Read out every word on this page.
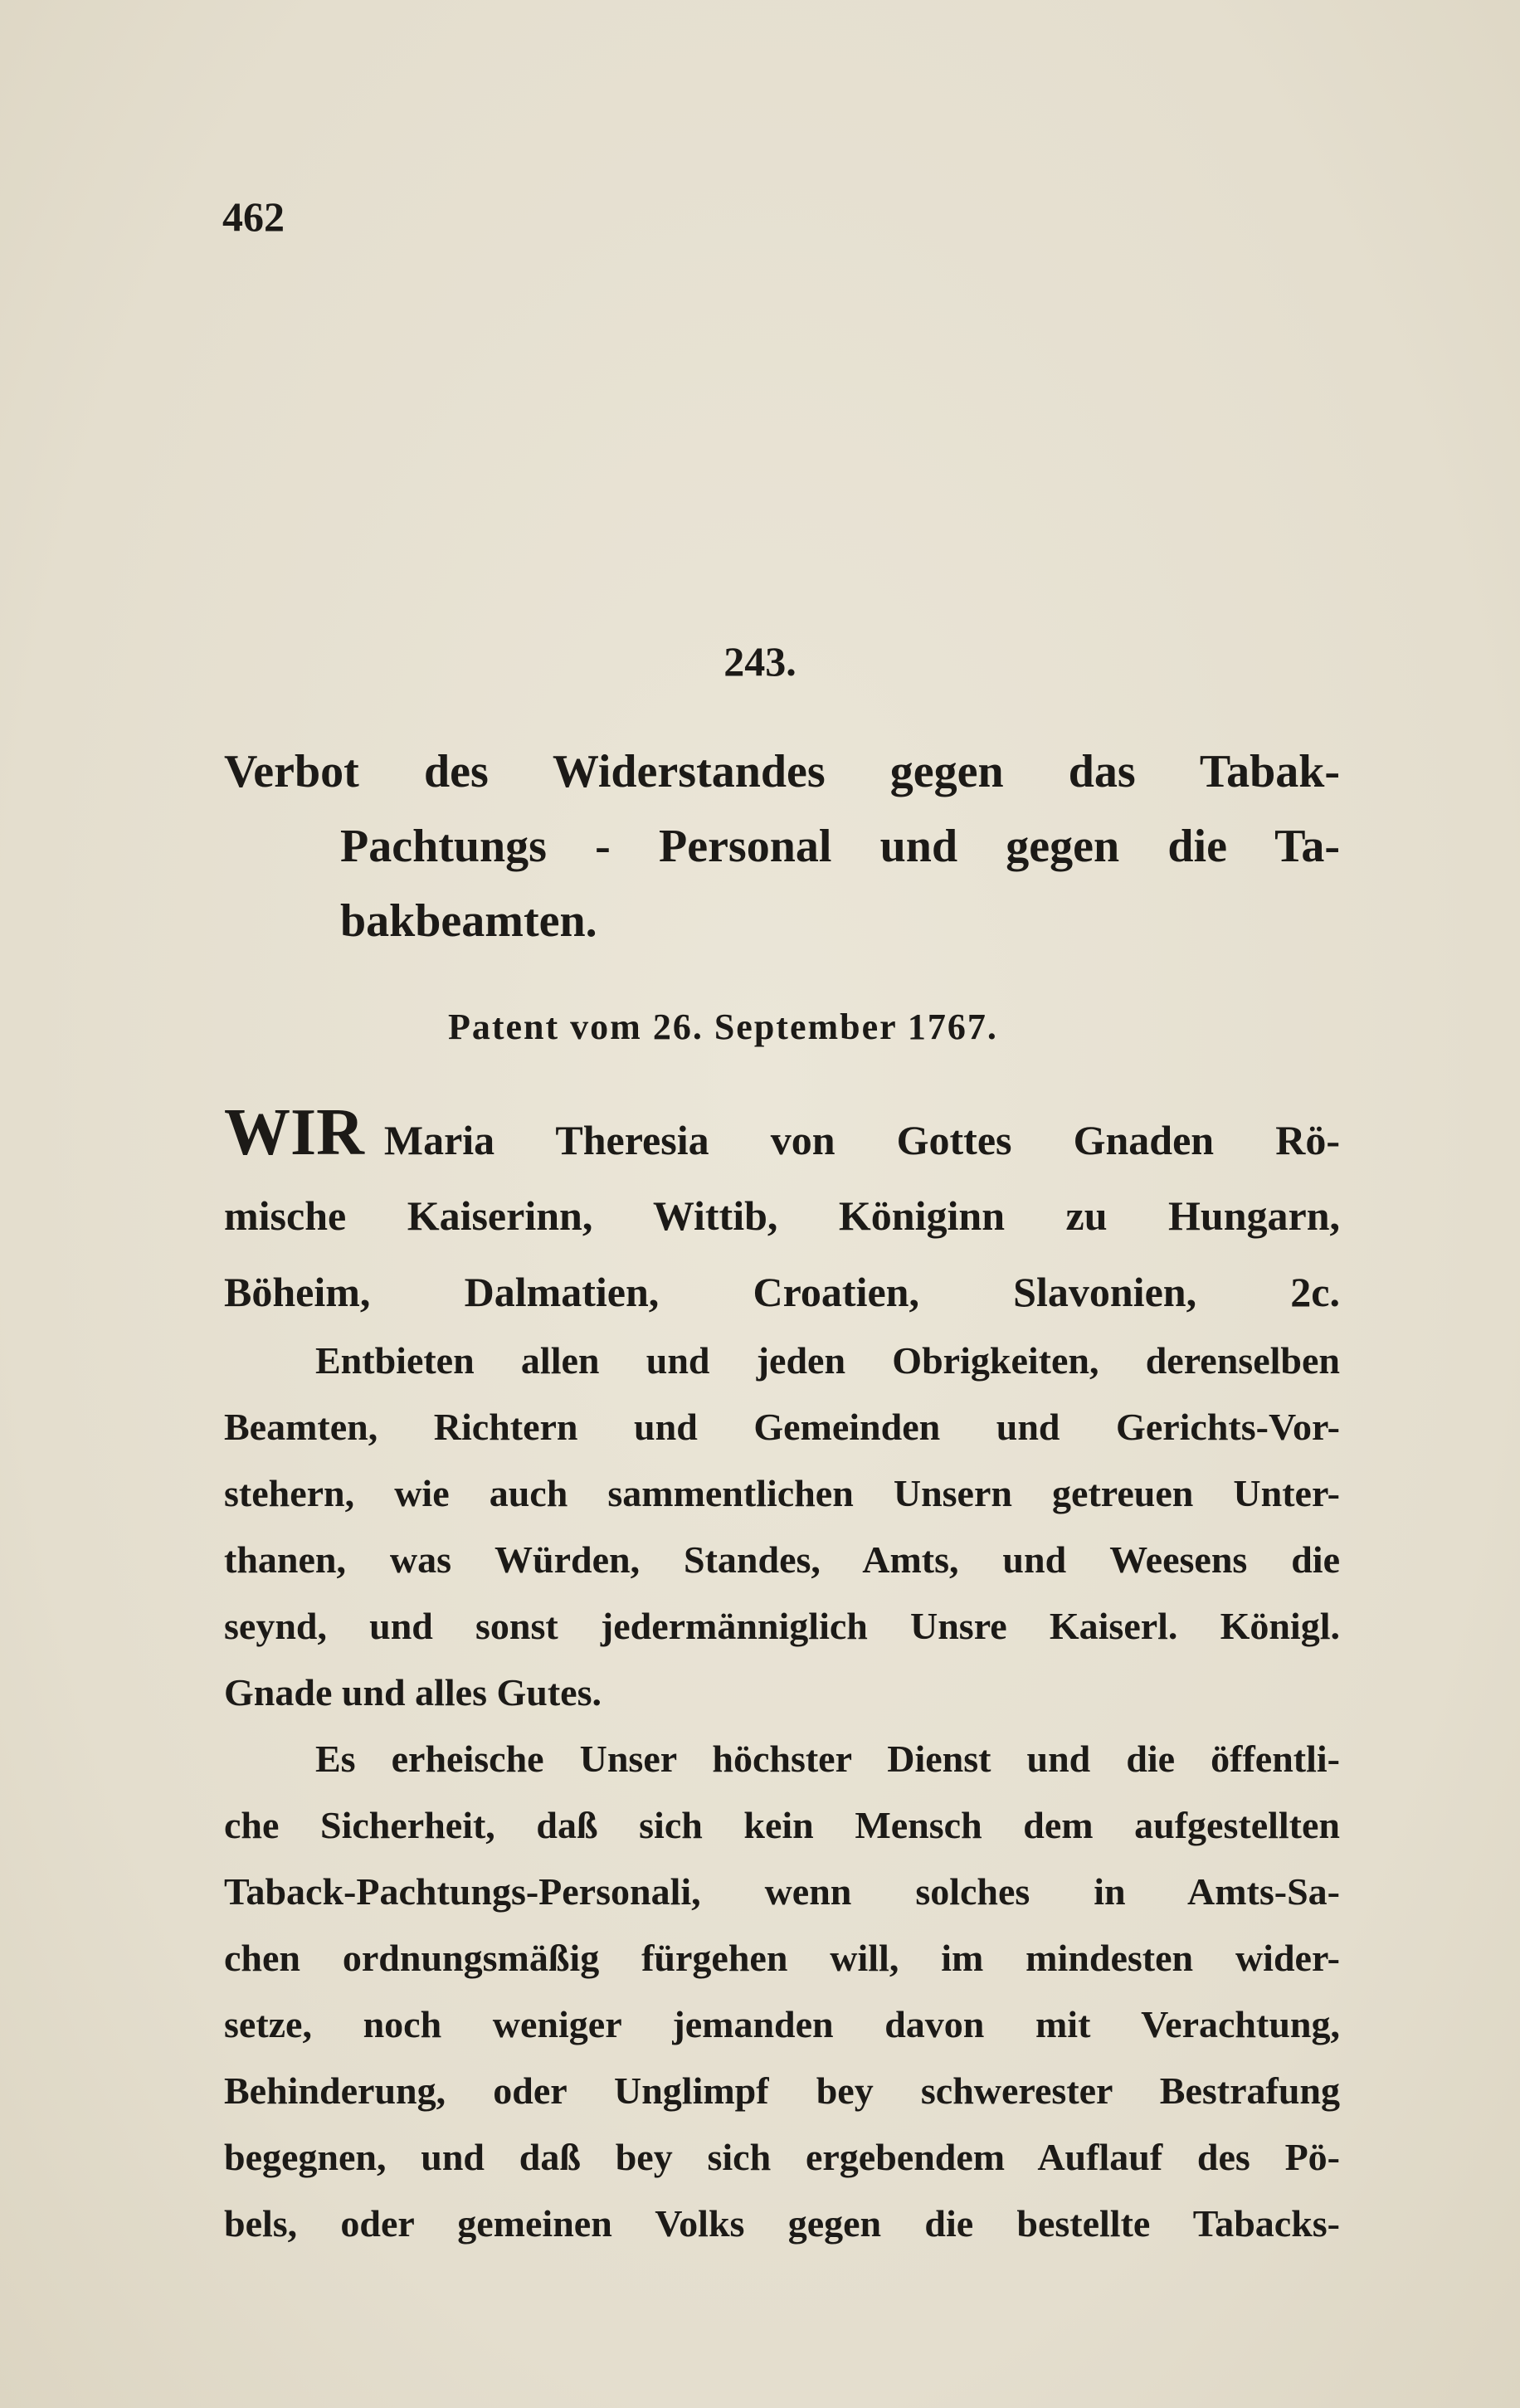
462
243.
Verbot des Widerstandes gegen das Tabak-
Pachtungs - Personal und gegen die Ta-
bakbeamten.
Patent vom 26. September 1767.
WIR Maria Theresia von Gottes Gnaden Rö-
mische Kaiserinn, Wittib, Königinn zu Hungarn,
Böheim, Dalmatien, Croatien, Slavonien, 2c.
Entbieten allen und jeden Obrigkeiten, derenselben
Beamten, Richtern und Gemeinden und Gerichts-Vor-
stehern, wie auch sammentlichen Unsern getreuen Unter-
thanen, was Würden, Standes, Amts, und Weesens die
seynd, und sonst jedermänniglich Unsre Kaiserl. Königl.
Gnade und alles Gutes.
Es erheische Unser höchster Dienst und die öffentli-
che Sicherheit, daß sich kein Mensch dem aufgestellten
Taback-Pachtungs-Personali, wenn solches in Amts-Sa-
chen ordnungsmäßig fürgehen will, im mindesten wider-
setze, noch weniger jemanden davon mit Verachtung,
Behinderung, oder Unglimpf bey schwerester Bestrafung
begegnen, und daß bey sich ergebendem Auflauf des Pö-
bels, oder gemeinen Volks gegen die bestellte Tabacks-
